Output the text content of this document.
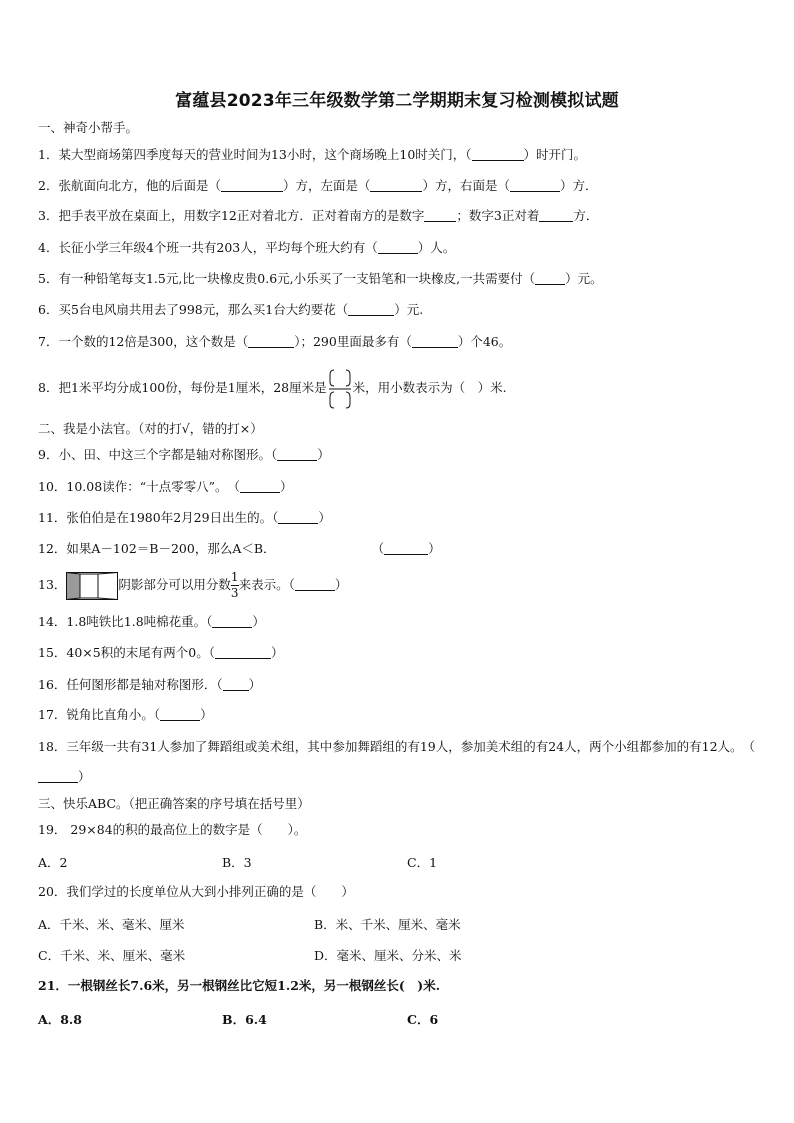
富蕴县2023年三年级数学第二学期期末复习检测模拟试题
一、神奇小帮手。
1．某大型商场第四季度每天的营业时间为13小时，这个商场晚上10时关门，（	）时开门。
2．张航面向北方，他的后面是（	）方，左面是（	）方，右面是（	）方．
3．把手表平放在桌面上，用数字12正对着北方．正对着南方的是数字	；数字3正对着	方．
4．长征小学三年级4个班一共有203人，平均每个班大约有（	）人。
5．有一种铅笔每支1.5元,比一块橡皮贵0.6元,小乐买了一支铅笔和一块橡皮,一共需要付（ ）元。
6．买5台电风扇共用去了998元，那么买1台大约要花（	）元.
7．一个数的12倍是300，这个数是（	）；290里面最多有（	）个46。
8．把1米平均分成100份，每份是1厘米，28厘米是 米，用小数表示为（　）米.
二、我是小法官。（对的打√，错的打×）
9．小、田、中这三个字都是轴对称图形。（	）
10．10.08读作：“十点零零八”。　（	）
11．张伯伯是在1980年2月29日出生的。（	）
12．如果A－102＝B－200，那么A＜B．	（	）
13．	阴影部分可以用分数 $\frac{1}{3}$ 来表示。（	）
14．1.8吨铁比1.8吨棉花重。（	）
15．40×5积的末尾有两个0。（	）
16．任何图形都是轴对称图形．（ ）
17．锐角比直角小。（	）
18．三年级一共有31人参加了舞蹈组或美术组，其中参加舞蹈组的有19人，参加美术组的有24人，两个小组都参加的有12人。　（）
三、快乐ABC。（把正确答案的序号填在括号里）
19． 29×84的积的最高位上的数字是（　　）。
A．2	B．3	C．1
20．我们学过的长度单位从大到小排列正确的是（　　）
A．千米、米、毫米、厘米	B．米、千米、厘米、毫米
C．千米、米、厘米、毫米	D．毫米、厘米、分米、米
21．一根钢丝长7.6米，另一根钢丝比它短1.2米，另一根钢丝长(　)米.
A．8.8	B．6.4	C．6
